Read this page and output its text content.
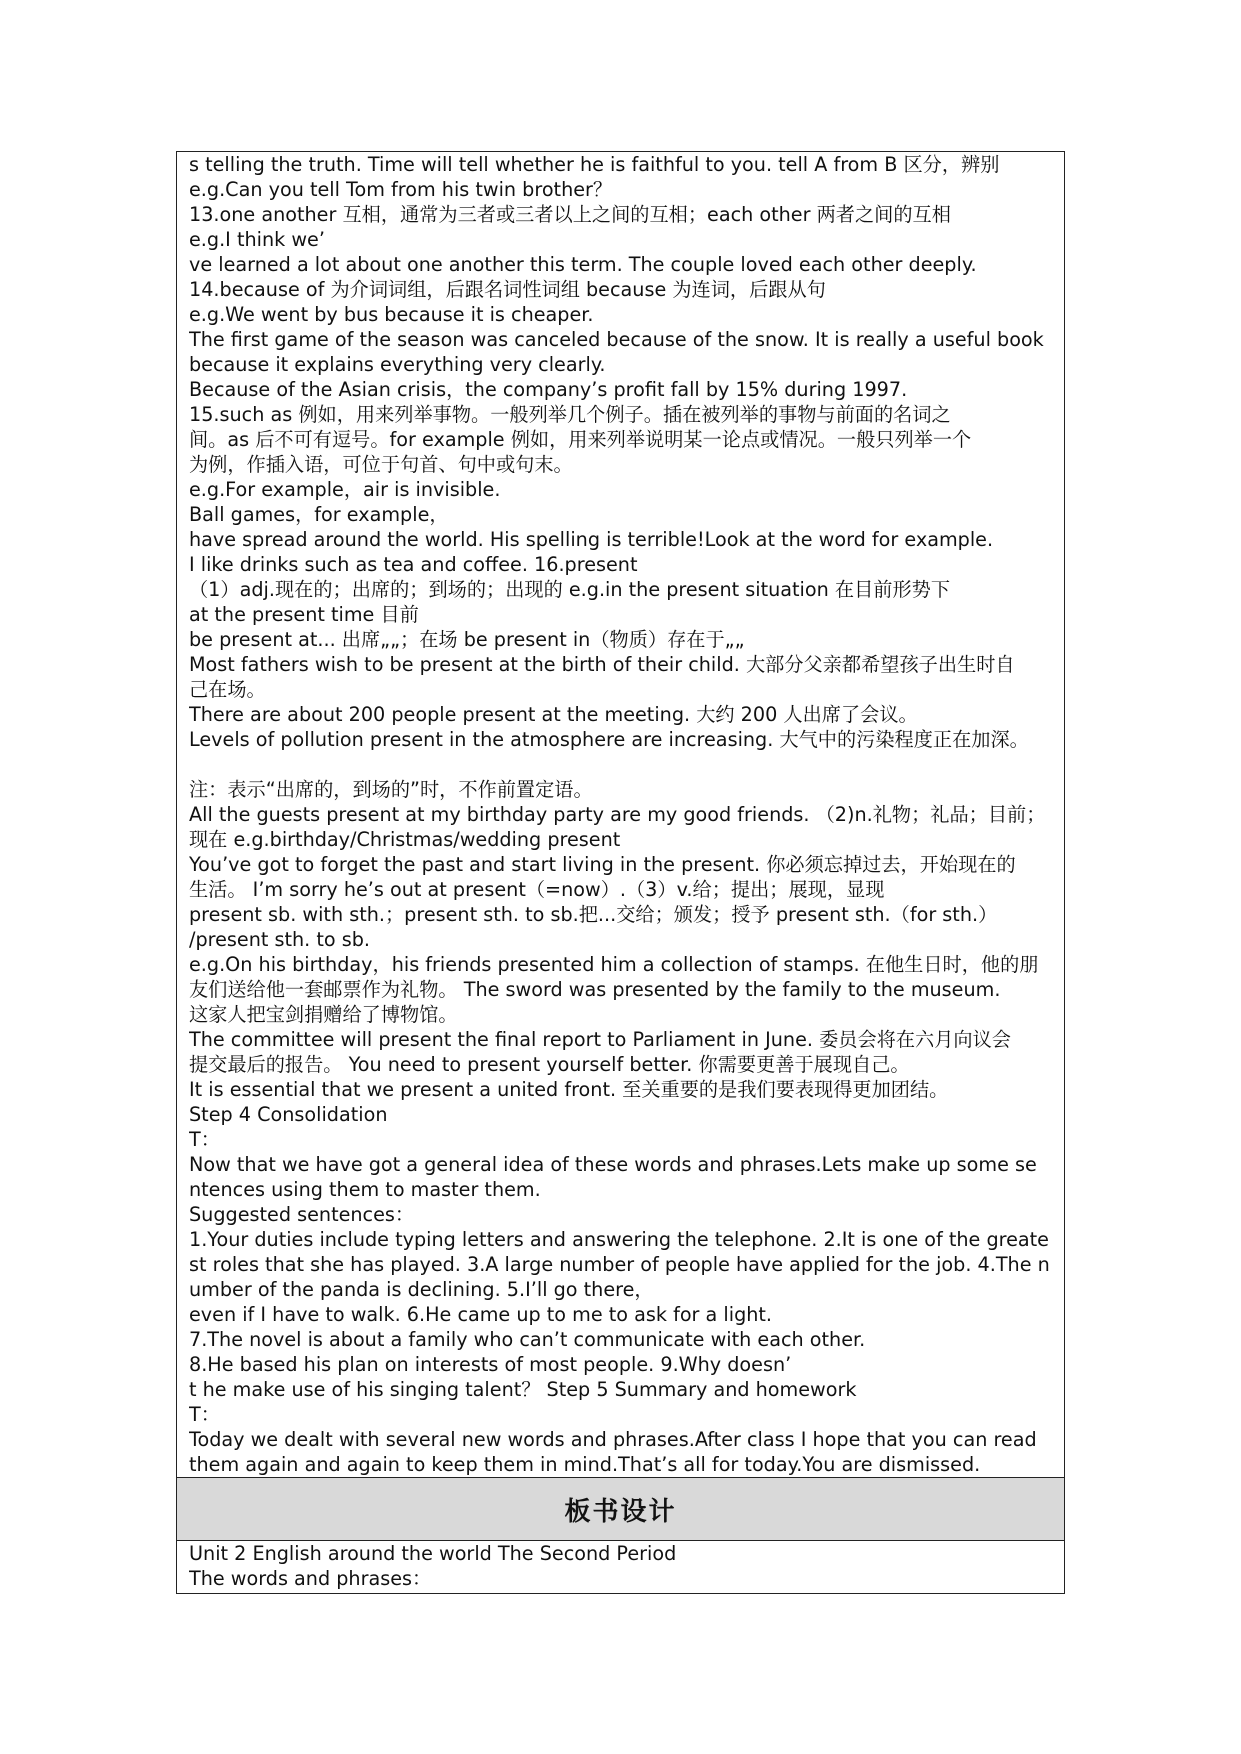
s telling the truth. Time will tell whether he is faithful to you. tell A from B 区分，辨别
e.g.Can you tell Tom from his twin brother？
13.one another 互相，通常为三者或三者以上之间的互相；each other 两者之间的互相
e.g.I think we’
ve learned a lot about one another this term. The couple loved each other deeply.
14.because of 为介词词组，后跟名词性词组 because 为连词，后跟从句
e.g.We went by bus because it is cheaper.
The first game of the season was canceled because of the snow. It is really a useful book
because it explains everything very clearly.
Because of the Asian crisis，the company’s profit fall by 15% during 1997.
15.such as 例如，用来列举事物。一般列举几个例子。插在被列举的事物与前面的名词之
间。as 后不可有逗号。for example 例如，用来列举说明某一论点或情况。一般只列举一个
为例，作插入语，可位于句首、句中或句末。
e.g.For example，air is invisible.
Ball games，for example，
have spread around the world. His spelling is terrible!Look at the word for example.
I like drinks such as tea and coffee. 16.present
（1）adj.现在的；出席的；到场的；出现的 e.g.in the present situation 在目前形势下
at the present time 目前
be present at... 出席„„；在场 be present in（物质）存在于„„
Most fathers wish to be present at the birth of their child. 大部分父亲都希望孩子出生时自
己在场。
There are about 200 people present at the meeting. 大约 200 人出席了会议。
Levels of pollution present in the atmosphere are increasing. 大气中的污染程度正在加深。
注：表示“出席的，到场的”时，不作前置定语。
All the guests present at my birthday party are my good friends. （2)n.礼物；礼品；目前；
现在 e.g.birthday/Christmas/wedding present
You’ve got to forget the past and start living in the present. 你必须忘掉过去，开始现在的
生活。 I’m sorry he’s out at present（=now）.（3）v.给；提出；展现，显现
present sb. with sth.；present sth. to sb.把...交给；颁发；授予 present sth.（for sth.）
/present sth. to sb.
e.g.On his birthday，his friends presented him a collection of stamps. 在他生日时，他的朋
友们送给他一套邮票作为礼物。 The sword was presented by the family to the museum.
这家人把宝剑捐赠给了博物馆。
The committee will present the final report to Parliament in June. 委员会将在六月向议会
提交最后的报告。 You need to present yourself better. 你需要更善于展现自己。
It is essential that we present a united front. 至关重要的是我们要表现得更加团结。
Step 4 Consolidation
T：
Now that we have got a general idea of these words and phrases.Lets make up some se
ntences using them to master them.
Suggested sentences：
1.Your duties include typing letters and answering the telephone. 2.It is one of the greate
st roles that she has played. 3.A large number of people have applied for the job. 4.The n
umber of the panda is declining. 5.I’ll go there，
even if I have to walk. 6.He came up to me to ask for a light.
7.The novel is about a family who can’t communicate with each other.
8.He based his plan on interests of most people. 9.Why doesn’
t he make use of his singing talent？ Step 5 Summary and homework
T：
Today we dealt with several new words and phrases.After class I hope that you can read
them again and again to keep them in mind.That’s all for today.You are dismissed.
板书设计
Unit 2 English around the world The Second Period
The words and phrases：
